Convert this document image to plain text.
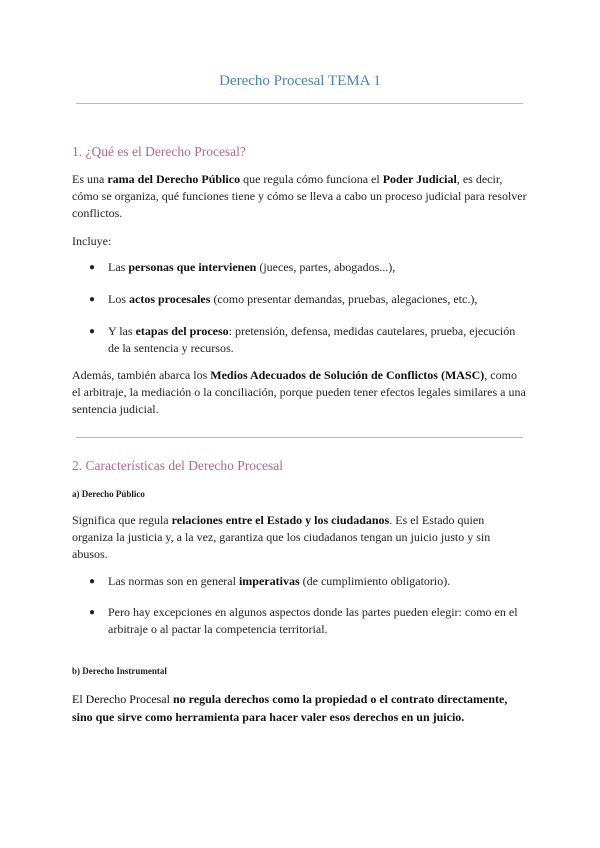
Derecho Procesal TEMA 1
1. ¿Qué es el Derecho Procesal?

Es una rama del Derecho Público que regula cómo funciona el Poder Judicial, es decir, cómo se organiza, qué funciones tiene y cómo se lleva a cabo un proceso judicial para resolver conflictos.

Incluye:

●	Las personas que intervienen (jueces, partes, abogados...),

●	Los actos procesales (como presentar demandas, pruebas, alegaciones, etc.),

●	Y las etapas del proceso: pretensión, defensa, medidas cautelares, prueba, ejecución de la sentencia y recursos.

Además, también abarca los Medios Adecuados de Solución de Conflictos (MASC), como el arbitraje, la mediación o la conciliación, porque pueden tener efectos legales similares a una sentencia judicial.

2. Características del Derecho Procesal
a) Derecho Público

Significa que regula relaciones entre el Estado y los ciudadanos. Es el Estado quien organiza la justicia y, a la vez, garantiza que los ciudadanos tengan un juicio justo y sin abusos.

●	Las normas son en general imperativas (de cumplimiento obligatorio).

●	Pero hay excepciones en algunos aspectos donde las partes pueden elegir: como en el arbitraje o al pactar la competencia territorial.

b) Derecho Instrumental

El Derecho Procesal no regula derechos como la propiedad o el contrato directamente, sino que sirve como herramienta para hacer valer esos derechos en un juicio.
